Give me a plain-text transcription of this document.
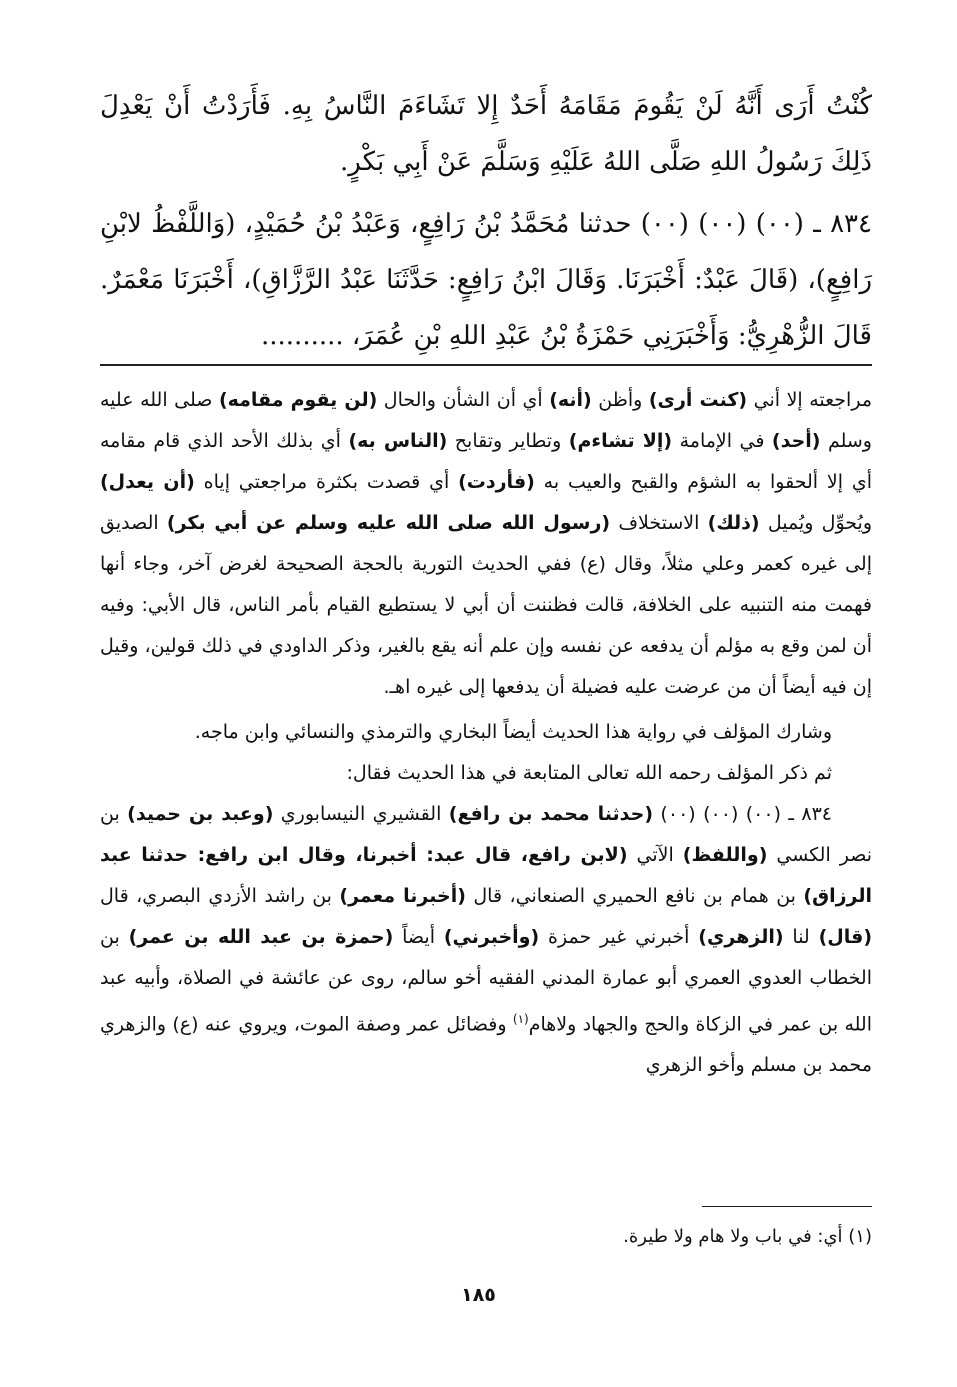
كُنْتُ أَرَى أَنَّهُ لَنْ يَقُومَ مَقَامَهُ أَحَدٌ إِلا تَشَاءَمَ النَّاسُ بِهِ. فَأَرَدْتُ أَنْ يَعْدِلَ ذَلِكَ رَسُولُ اللهِ صَلَّى اللهُ عَلَيْهِ وَسَلَّمَ عَنْ أَبِي بَكْرٍ.

٨٣٤ ـ (٠٠) (٠٠) (٠٠) حدثنا مُحَمَّدُ بْنُ رَافِعٍ، وَعَبْدُ بْنُ حُمَيْدٍ، (وَاللَّفْظُ لابْنِ رَافِعٍ)، (قَالَ عَبْدٌ: أَخْبَرَنَا. وَقَالَ ابْنُ رَافِعٍ: حَدَّثَنَا عَبْدُ الرَّزَّاقِ)، أَخْبَرَنَا مَعْمَرٌ. قَالَ الزُّهْرِيُّ: وَأَخْبَرَنِي حَمْزَةُ بْنُ عَبْدِ اللهِ بْنِ عُمَرَ، ..........

مراجعته إلا أني (كنت أرى) وأظن (أنه) أي أن الشأن والحال (لن يقوم مقامه) صلى الله عليه وسلم (أحد) في الإمامة (إلا تشاءم) وتطاير وتقابح (الناس به) أي بذلك الأحد الذي قام مقامه أي إلا ألحقوا به الشؤم والقبح والعيب به (فأردت) أي قصدت بكثرة مراجعتي إياه (أن يعدل) ويُحوِّل ويُميل (ذلك) الاستخلاف (رسول الله صلى الله عليه وسلم عن أبي بكر) الصديق إلى غيره كعمر وعلي مثلاً، وقال (ع) ففي الحديث التورية بالحجة الصحيحة لغرض آخر، وجاء أنها فهمت منه التنبيه على الخلافة، قالت فظننت أن أبي لا يستطيع القيام بأمر الناس، قال الأبي: وفيه أن لمن وقع به مؤلم أن يدفعه عن نفسه وإن علم أنه يقع بالغير، وذكر الداودي في ذلك قولين، وقيل إن فيه أيضاً أن من عرضت عليه فضيلة أن يدفعها إلى غيره اهـ.

وشارك المؤلف في رواية هذا الحديث أيضاً البخاري والترمذي والنسائي وابن ماجه.

ثم ذكر المؤلف رحمه الله تعالى المتابعة في هذا الحديث فقال:

٨٣٤ ـ (٠٠) (٠٠) (٠٠) (حدثنا محمد بن رافع) القشيري النيسابوري (وعبد بن حميد) بن نصر الكسي (واللفظ) الآتي (لابن رافع، قال عبد: أخبرنا، وقال ابن رافع: حدثنا عبد الرزاق) بن همام بن نافع الحميري الصنعاني، قال (أخبرنا معمر) بن راشد الأزدي البصري، قال (قال) لنا (الزهري) أخبرني غير حمزة (وأخبرني) أيضاً (حمزة بن عبد الله بن عمر) بن الخطاب العدوي العمري أبو عمارة المدني الفقيه أخو سالم، روى عن عائشة في الصلاة، وأبيه عبد الله بن عمر في الزكاة والحج والجهاد ولاهام$^{(١)}$ وفضائل عمر وصفة الموت، ويروي عنه (ع) والزهري محمد بن مسلم وأخو الزهري

(١) أي: في باب ولا هام ولا طيرة.
١٨٥
